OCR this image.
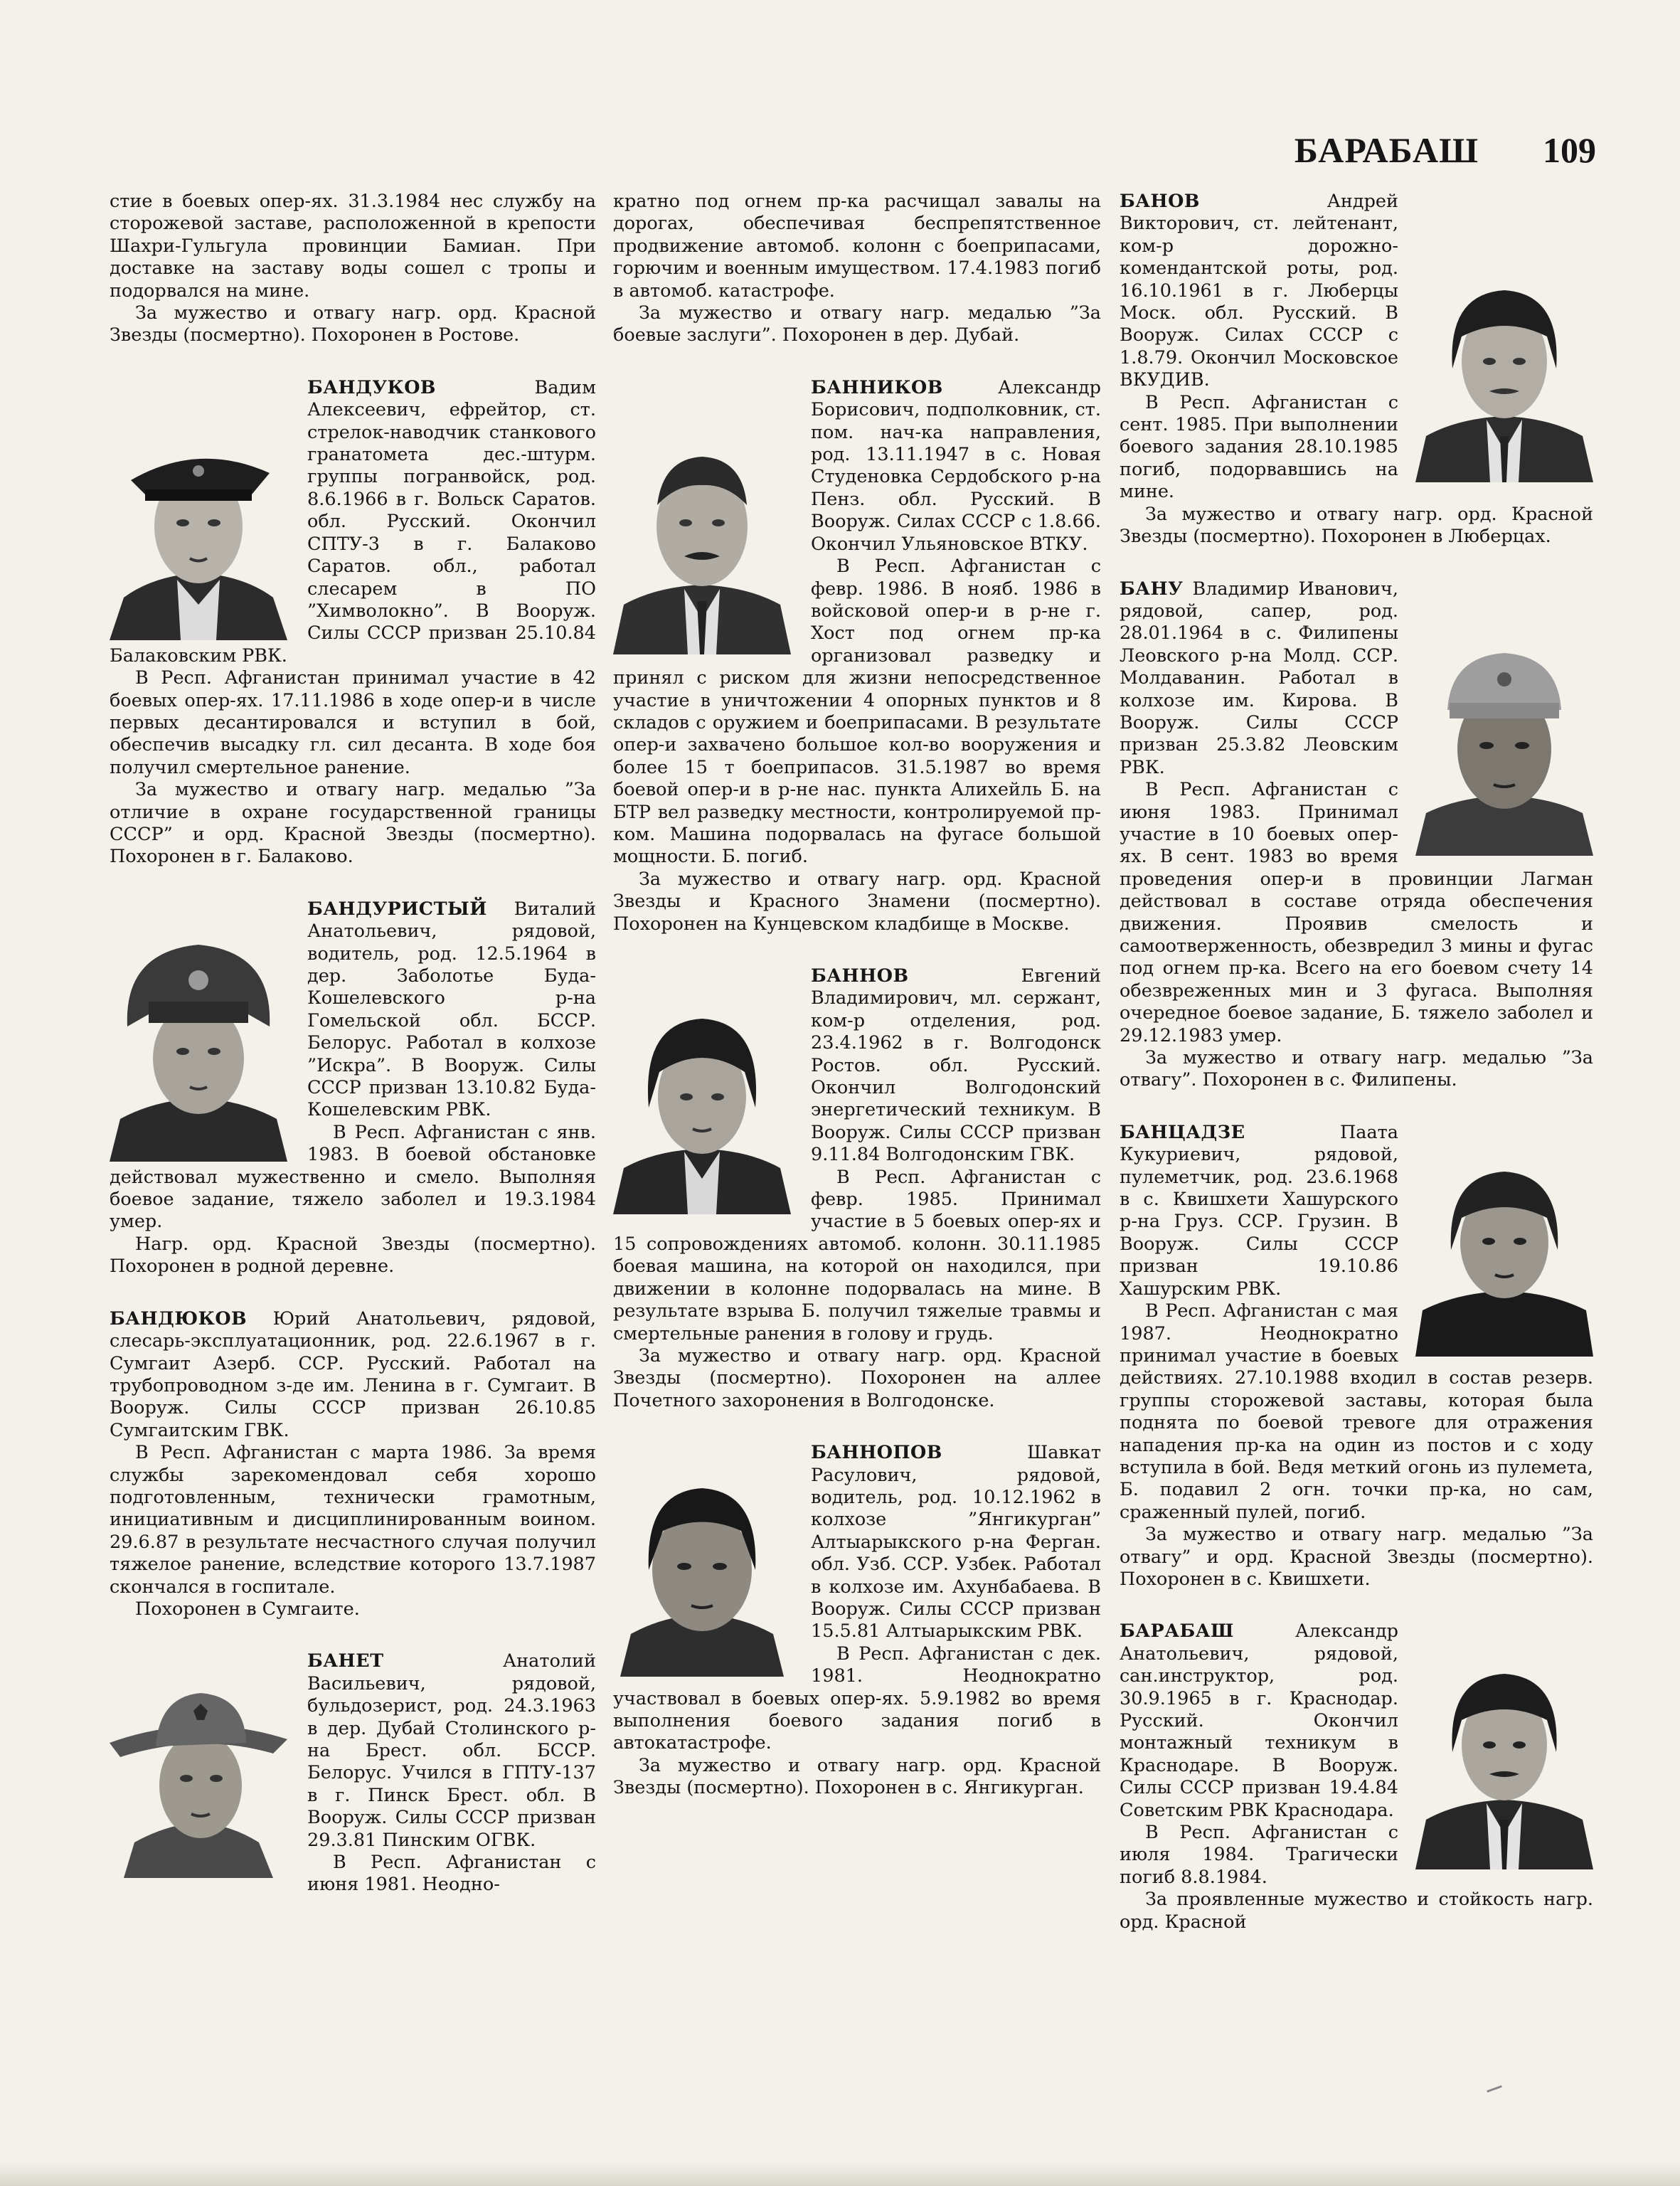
БАРАБАШ 109

стие в боевых опер-ях. 31.3.1984 нес службу на сторожевой заставе, расположенной в крепости Шахри-Гульгула провинции Бамиан. При доставке на заставу воды сошел с тропы и подорвался на мине.

За мужество и отвагу нагр. орд. Красной Звезды (посмертно). Похоронен в Ростове.

БАНДУКОВ Вадим Алексеевич, ефрейтор, ст. стрелок-наводчик станкового гранатомета дес.-штурм. группы погранвойск, род. 8.6.1966 в г. Вольск Саратов. обл. Русский. Окончил СПТУ-3 в г. Балаково Саратов. обл., работал слесарем в ПО ”Химволокно”. В Вооруж. Силы СССР призван 25.10.84 Балаковским РВК.

В Респ. Афганистан принимал участие в 42 боевых опер-ях. 17.11.1986 в ходе опер-и в числе первых десантировался и вступил в бой, обеспечив высадку гл. сил десанта. В ходе боя получил смертельное ранение.

За мужество и отвагу нагр. медалью ”За отличие в охране государственной границы СССР” и орд. Красной Звезды (посмертно). Похоронен в г. Балаково.

БАНДУРИСТЫЙ Виталий Анатольевич, рядовой, водитель, род. 12.5.1964 в дер. Заболотье Буда-Кошелевского р-на Гомельской обл. БССР. Белорус. Работал в колхозе ”Искра”. В Вооруж. Силы СССР призван 13.10.82 Буда-Кошелевским РВК.

В Респ. Афганистан с янв. 1983. В боевой обстановке действовал мужественно и смело. Выполняя боевое задание, тяжело заболел и 19.3.1984 умер.

Нагр. орд. Красной Звезды (посмертно). Похоронен в родной деревне.

БАНДЮКОВ Юрий Анатольевич, рядовой, слесарь-эксплуатационник, род. 22.6.1967 в г. Сумгаит Азерб. ССР. Русский. Работал на трубопроводном з-де им. Ленина в г. Сумгаит. В Вооруж. Силы СССР призван 26.10.85 Сумгаитским ГВК.

В Респ. Афганистан с марта 1986. За время службы зарекомендовал себя хорошо подготовленным, технически грамотным, инициативным и дисциплинированным воином. 29.6.87 в результате несчастного случая получил тяжелое ранение, вследствие которого 13.7.1987 скончался в госпитале.

Похоронен в Сумгаите.

БАНЕТ Анатолий Васильевич, рядовой, бульдозерист, род. 24.3.1963 в дер. Дубай Столинского р-на Брест. обл. БССР. Белорус. Учился в ГПТУ-137 в г. Пинск Брест. обл. В Вооруж. Силы СССР призван 29.3.81 Пинским ОГВК.

В Респ. Афганистан с июня 1981. Неодно-

кратно под огнем пр-ка расчищал завалы на дорогах, обеспечивая беспрепятственное продвижение автомоб. колонн с боеприпасами, горючим и военным имуществом. 17.4.1983 погиб в автомоб. катастрофе.

За мужество и отвагу нагр. медалью ”За боевые заслуги”. Похоронен в дер. Дубай.

БАННИКОВ Александр Борисович, подполковник, ст. пом. нач-ка направления, род. 13.11.1947 в с. Новая Студеновка Сердобского р-на Пенз. обл. Русский. В Вооруж. Силах СССР с 1.8.66. Окончил Ульяновское ВТКУ.

В Респ. Афганистан с февр. 1986. В нояб. 1986 в войсковой опер-и в р-не г. Хост под огнем пр-ка организовал разведку и принял с риском для жизни непосредственное участие в уничтожении 4 опорных пунктов и 8 складов с оружием и боеприпасами. В результате опер-и захвачено большое кол-во вооружения и более 15 т боеприпасов. 31.5.1987 во время боевой опер-и в р-не нас. пункта Алихейль Б. на БТР вел разведку местности, контролируемой пр-ком. Машина подорвалась на фугасе большой мощности. Б. погиб.

За мужество и отвагу нагр. орд. Красной Звезды и Красного Знамени (посмертно). Похоронен на Кунцевском кладбище в Москве.

БАННОВ Евгений Владимирович, мл. сержант, ком-р отделения, род. 23.4.1962 в г. Волгодонск Ростов. обл. Русский. Окончил Волгодонский энергетический техникум. В Вооруж. Силы СССР призван 9.11.84 Волгодонским ГВК.

В Респ. Афганистан с февр. 1985. Принимал участие в 5 боевых опер-ях и 15 сопровождениях автомоб. колонн. 30.11.1985 боевая машина, на которой он находился, при движении в колонне подорвалась на мине. В результате взрыва Б. получил тяжелые травмы и смертельные ранения в голову и грудь.

За мужество и отвагу нагр. орд. Красной Звезды (посмертно). Похоронен на аллее Почетного захоронения в Волгодонске.

БАННОПОВ Шавкат Расулович, рядовой, водитель, род. 10.12.1962 в колхозе ”Янгикурган” Алтыарыкского р-на Ферган. обл. Узб. ССР. Узбек. Работал в колхозе им. Ахунбабаева. В Вооруж. Силы СССР призван 15.5.81 Алтыарыкским РВК.

В Респ. Афганистан с дек. 1981. Неоднократно участвовал в боевых опер-ях. 5.9.1982 во время выполнения боевого задания погиб в автокатастрофе.

За мужество и отвагу нагр. орд. Красной Звезды (посмертно). Похоронен в с. Янгикурган.

БАНОВ Андрей Викторович, ст. лейтенант, ком-р дорожно-комендантской роты, род. 16.10.1961 в г. Люберцы Моск. обл. Русский. В Вооруж. Силах СССР с 1.8.79. Окончил Московское ВКУДИВ.

В Респ. Афганистан с сент. 1985. При выполнении боевого задания 28.10.1985 погиб, подорвавшись на мине.

За мужество и отвагу нагр. орд. Красной Звезды (посмертно). Похоронен в Люберцах.

БАНУ Владимир Иванович, рядовой, сапер, род. 28.01.1964 в с. Филипены Леовского р-на Молд. ССР. Молдаванин. Работал в колхозе им. Кирова. В Вооруж. Силы СССР призван 25.3.82 Леовским РВК.

В Респ. Афганистан с июня 1983. Принимал участие в 10 боевых опер-ях. В сент. 1983 во время проведения опер-и в провинции Лагман действовал в составе отряда обеспечения движения. Проявив смелость и самоотверженность, обезвредил 3 мины и фугас под огнем пр-ка. Всего на его боевом счету 14 обезвреженных мин и 3 фугаса. Выполняя очередное боевое задание, Б. тяжело заболел и 29.12.1983 умер.

За мужество и отвагу нагр. медалью ”За отвагу”. Похоронен в с. Филипены.

БАНЦАДЗЕ Паата Кукуриевич, рядовой, пулеметчик, род. 23.6.1968 в с. Квишхети Хашурского р-на Груз. ССР. Грузин. В Вооруж. Силы СССР призван 19.10.86 Хашурским РВК.

В Респ. Афганистан с мая 1987. Неоднократно принимал участие в боевых действиях. 27.10.1988 входил в состав резерв. группы сторожевой заставы, которая была поднята по боевой тревоге для отражения нападения пр-ка на один из постов и с ходу вступила в бой. Ведя меткий огонь из пулемета, Б. подавил 2 огн. точки пр-ка, но сам, сраженный пулей, погиб.

За мужество и отвагу нагр. медалью ”За отвагу” и орд. Красной Звезды (посмертно). Похоронен в с. Квишхети.

БАРАБАШ Александр Анатольевич, рядовой, сан.инструктор, род. 30.9.1965 в г. Краснодар. Русский. Окончил монтажный техникум в Краснодаре. В Вооруж. Силы СССР призван 19.4.84 Советским РВК Краснодара.

В Респ. Афганистан с июля 1984. Трагически погиб 8.8.1984.

За проявленные мужество и стойкость нагр. орд. Красной
